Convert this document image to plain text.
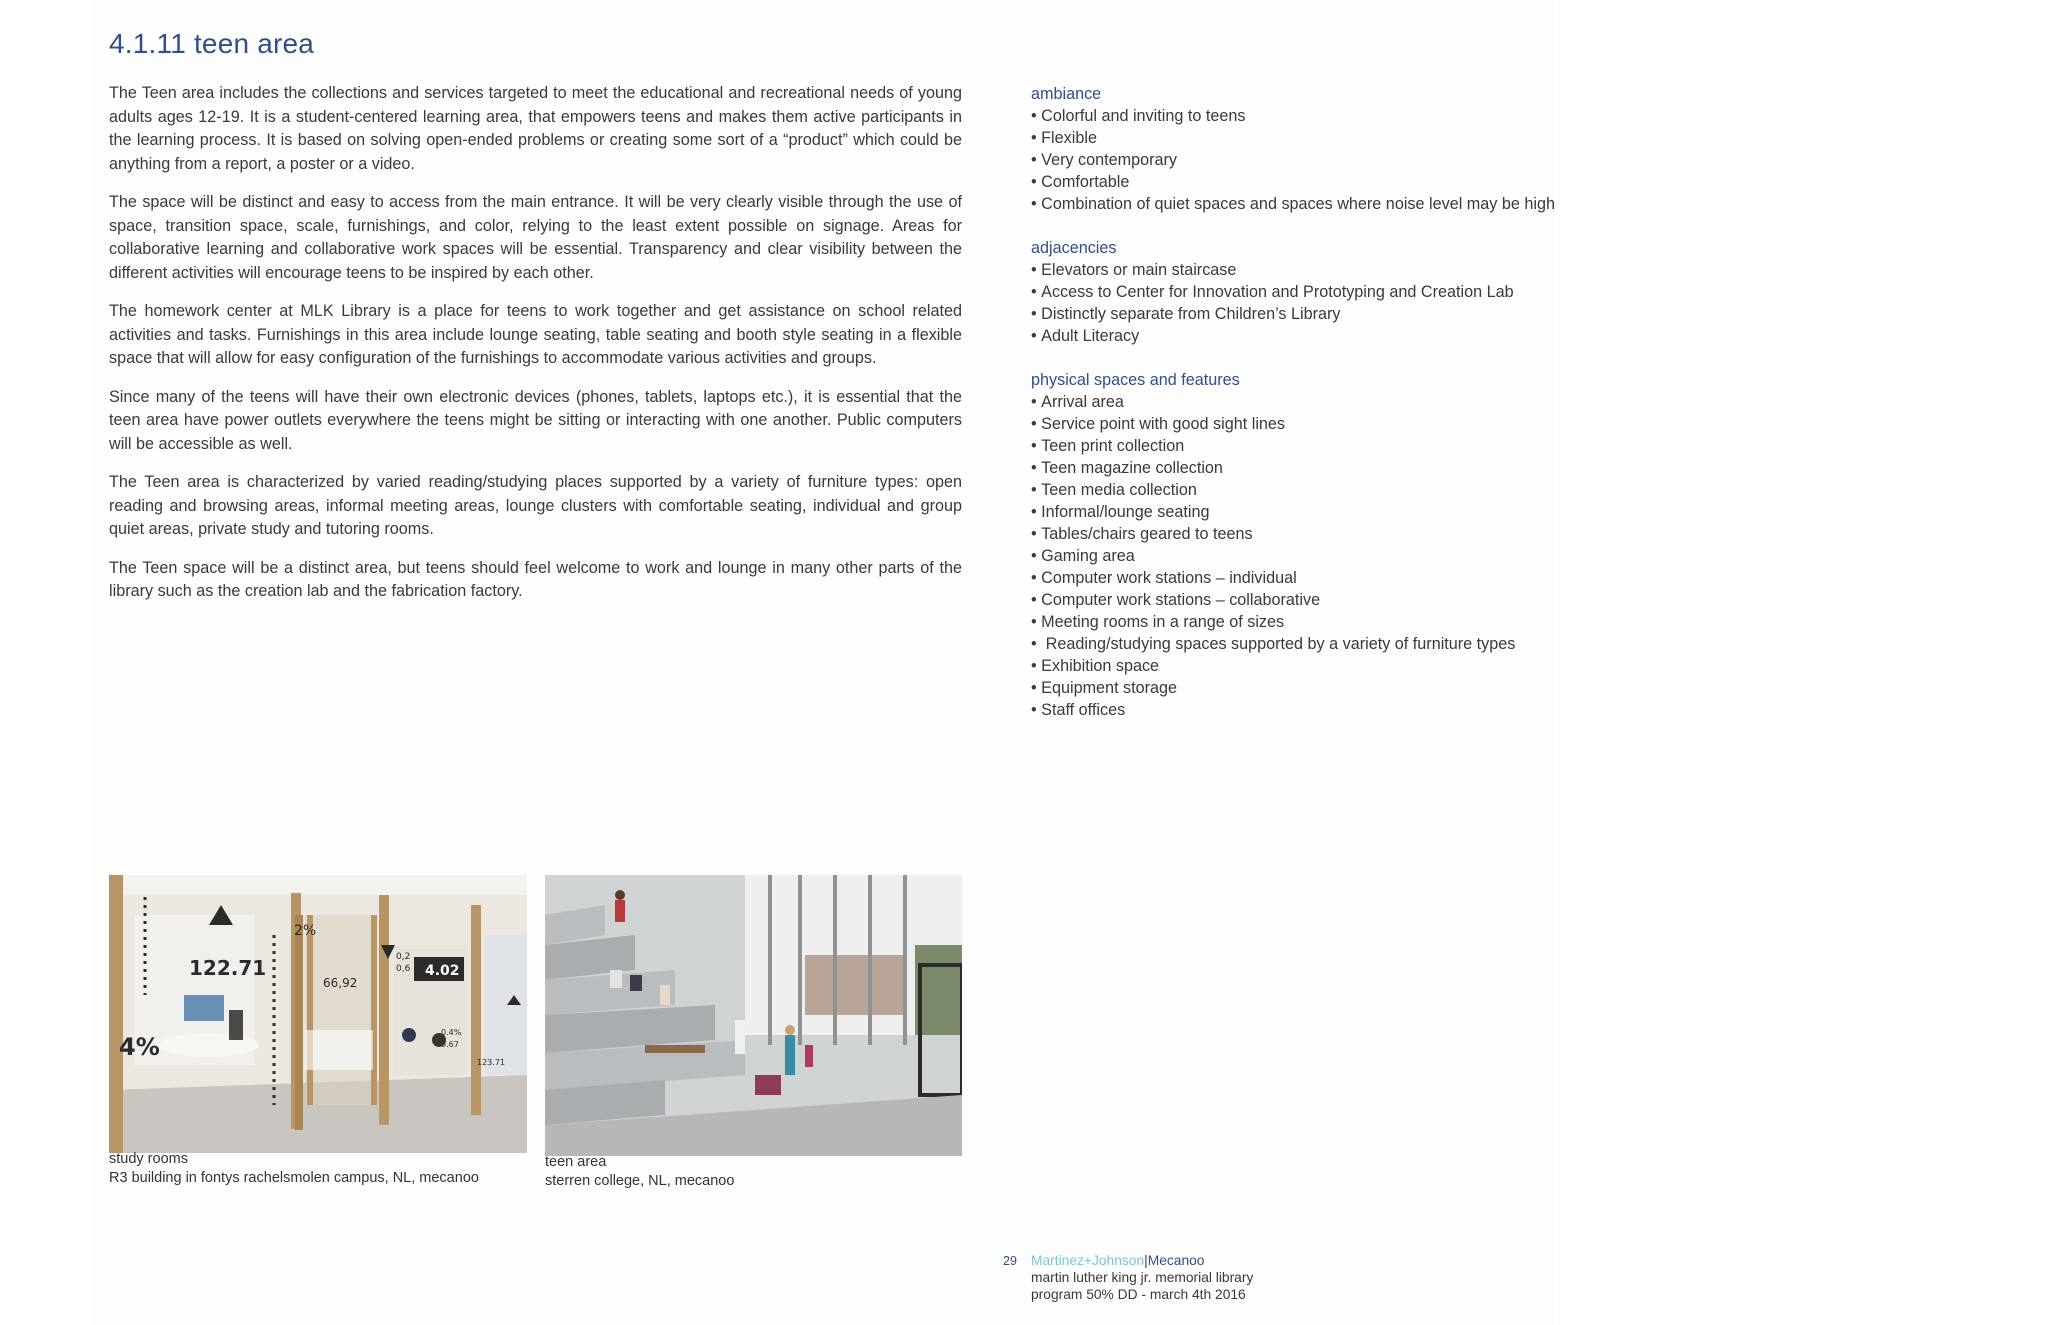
4.1.11 teen area

The Teen area includes the collections and services targeted to meet the educational and recreational needs of young adults ages 12-19. It is a student-centered learning area, that empowers teens and makes them active participants in the learning process. It is based on solving open-ended problems or creating some sort of a “product” which could be anything from a report, a poster or a video.

The space will be distinct and easy to access from the main entrance. It will be very clearly visible through the use of space, transition space, scale, furnishings, and color, relying to the least extent possible on signage. Areas for collaborative learning and collaborative work spaces will be essential. Transparency and clear visibility between the different activities will encourage teens to be inspired by each other.

The homework center at MLK Library is a place for teens to work together and get assistance on school related activities and tasks. Furnishings in this area include lounge seating, table seating and booth style seating in a flexible space that will allow for easy configuration of the furnishings to accommodate various activities and groups.

Since many of the teens will have their own electronic devices (phones, tablets, laptops etc.), it is essential that the teen area have power outlets everywhere the teens might be sitting or interacting with one another. Public computers will be accessible as well.

The Teen area is characterized by varied reading/studying places supported by a variety of furniture types: open reading and browsing areas, informal meeting areas, lounge clusters with comfortable seating, individual and group quiet areas, private study and tutoring rooms.

The Teen space will be a distinct area, but teens should feel welcome to work and lounge in many other parts of the library such as the creation lab and the fabrication factory.

ambiance
• Colorful and inviting to teens
• Flexible
• Very contemporary
• Comfortable
• Combination of quiet spaces and spaces where noise level may be high
adjacencies
• Elevators or main staircase
• Access to Center for Innovation and Prototyping and Creation Lab
• Distinctly separate from Children’s Library
• Adult Literacy
physical spaces and features
• Arrival area
• Service point with good sight lines
• Teen print collection
• Teen magazine collection
• Teen media collection
• Informal/lounge seating
• Tables/chairs geared to teens
• Gaming area
• Computer work stations – individual
• Computer work stations – collaborative
• Meeting rooms in a range of sizes
•  Reading/studying spaces supported by a variety of furniture types
• Exhibition space
• Equipment storage
• Staff offices
122.71
4%
66,92
0,2
0,6 4.02
2%
0.4%
0.67
123.71
study rooms
R3 building in fontys rachelsmolen campus, NL, mecanoo
teen area
sterren college, NL, mecanoo
29 Martinez+Johnson|Mecanoo
martin luther king jr. memorial library
program 50% DD - march 4th 2016
